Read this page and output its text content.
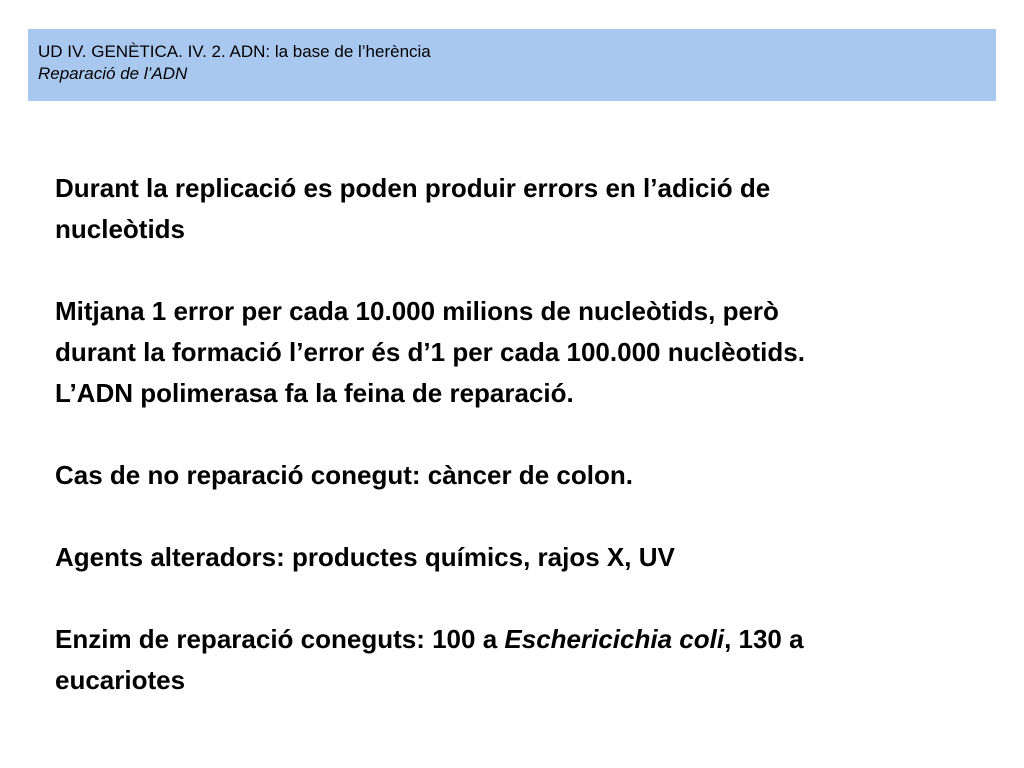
UD IV. GENÈTICA. IV. 2. ADN: la base de l’herència
Reparació de l’ADN
Durant la replicació es poden produir errors en l’adició de
nucleòtids
Mitjana 1 error per cada 10.000 milions de nucleòtids, però
durant la formació l’error és d’1 per cada 100.000 nuclèotids.
L’ADN polimerasa fa la feina de reparació.
Cas de no reparació conegut: càncer de colon.
Agents alteradors: productes químics, rajos X, UV
Enzim de reparació coneguts: 100 a Eschericichia coli, 130 a
eucariotes
